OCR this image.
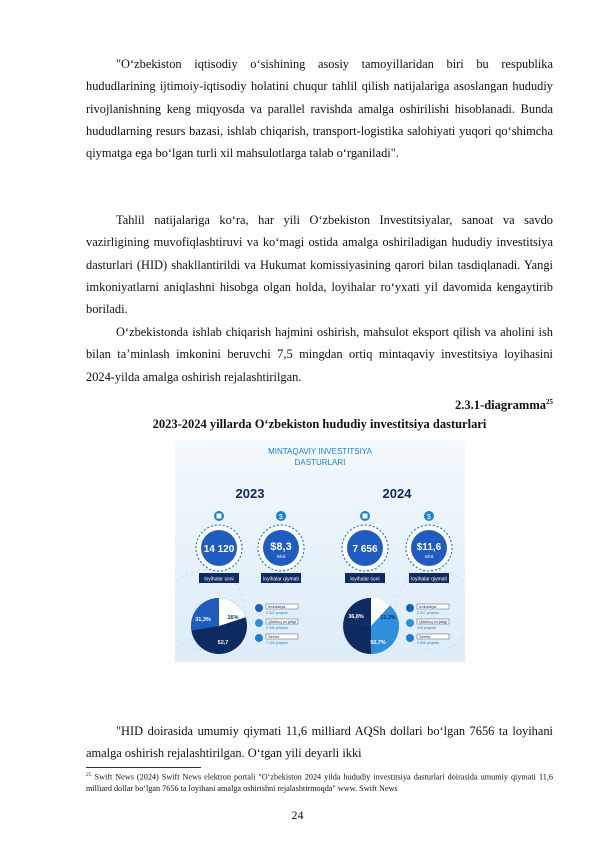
"O‘zbekiston iqtisodiy o‘sishining asosiy tamoyillaridan biri bu respublika hududlarining ijtimoiy-iqtisodiy holatini chuqur tahlil qilish natijalariga asoslangan hududiy rivojlanishning keng miqyosda va parallel ravishda amalga oshirilishi hisoblanadi. Bunda hududlarning resurs bazasi, ishlab chiqarish, transport-logistika salohiyati yuqori qo‘shimcha qiymatga ega bo‘lgan turli xil mahsulotlarga talab o‘rganiladi".

Tahlil natijalariga ko‘ra, har yili O‘zbekiston Investitsiyalar, sanoat va savdo vazirligining muvofiqlashtiruvi va ko‘magi ostida amalga oshiriladigan hududiy investitsiya dasturlari (HID) shakllantirildi va Hukumat komissiyasining qarori bilan tasdiqlanadi. Yangi imkoniyatlarni aniqlashni hisobga olgan holda, loyihalar ro‘yxati yil davomida kengaytirib boriladi.

O‘zbekistonda ishlab chiqarish hajmini oshirish, mahsulot eksport qilish va aholini ish bilan ta’minlash imkonini beruvchi 7,5 mingdan ortiq mintaqaviy investitsiya loyihasini 2024-yilda amalga oshirish rejalashtirilgan.

2.3.1-diagramma$^{25}$
2023-2024 yillarda O‘zbekiston hududiy investitsiya dasturlari
MINTAQAVIY INVESTITSIYA
DASTURLARI
2023	2024
$	$
14 120
loyihalar soni
$8,3
mlrd
loyihalar qiymati
7 656
loyihalar soni
$11,6
mlrd
loyihalar qiymati
31,3%	16%
52,7
Industriya
4 422 projects
Qishloq xo‘jaligi
2 344 projects
Servis
7 424 projects
36,8%	12,3%
50,7%
Industriya
2 817 projects
Qishloq xo‘jaligi
943 projects
Servis
3 896 projects

"HID doirasida umumiy qiymati 11,6 milliard AQSh dollari bo‘lgan 7656 ta loyihani amalga oshirish rejalashtirilgan. O‘tgan yili deyarli ikki

$^{25}$ Swift News (2024) Swift News elektron portali "O‘zbekiston 2024 yilda hududiy investitsiya dasturlari doirasida umumiy qiymati 11,6 milliard dollar bo‘lgan 7656 ta loyihani amalga oshirishni rejalashtirmoqda" www. Swift News
24
